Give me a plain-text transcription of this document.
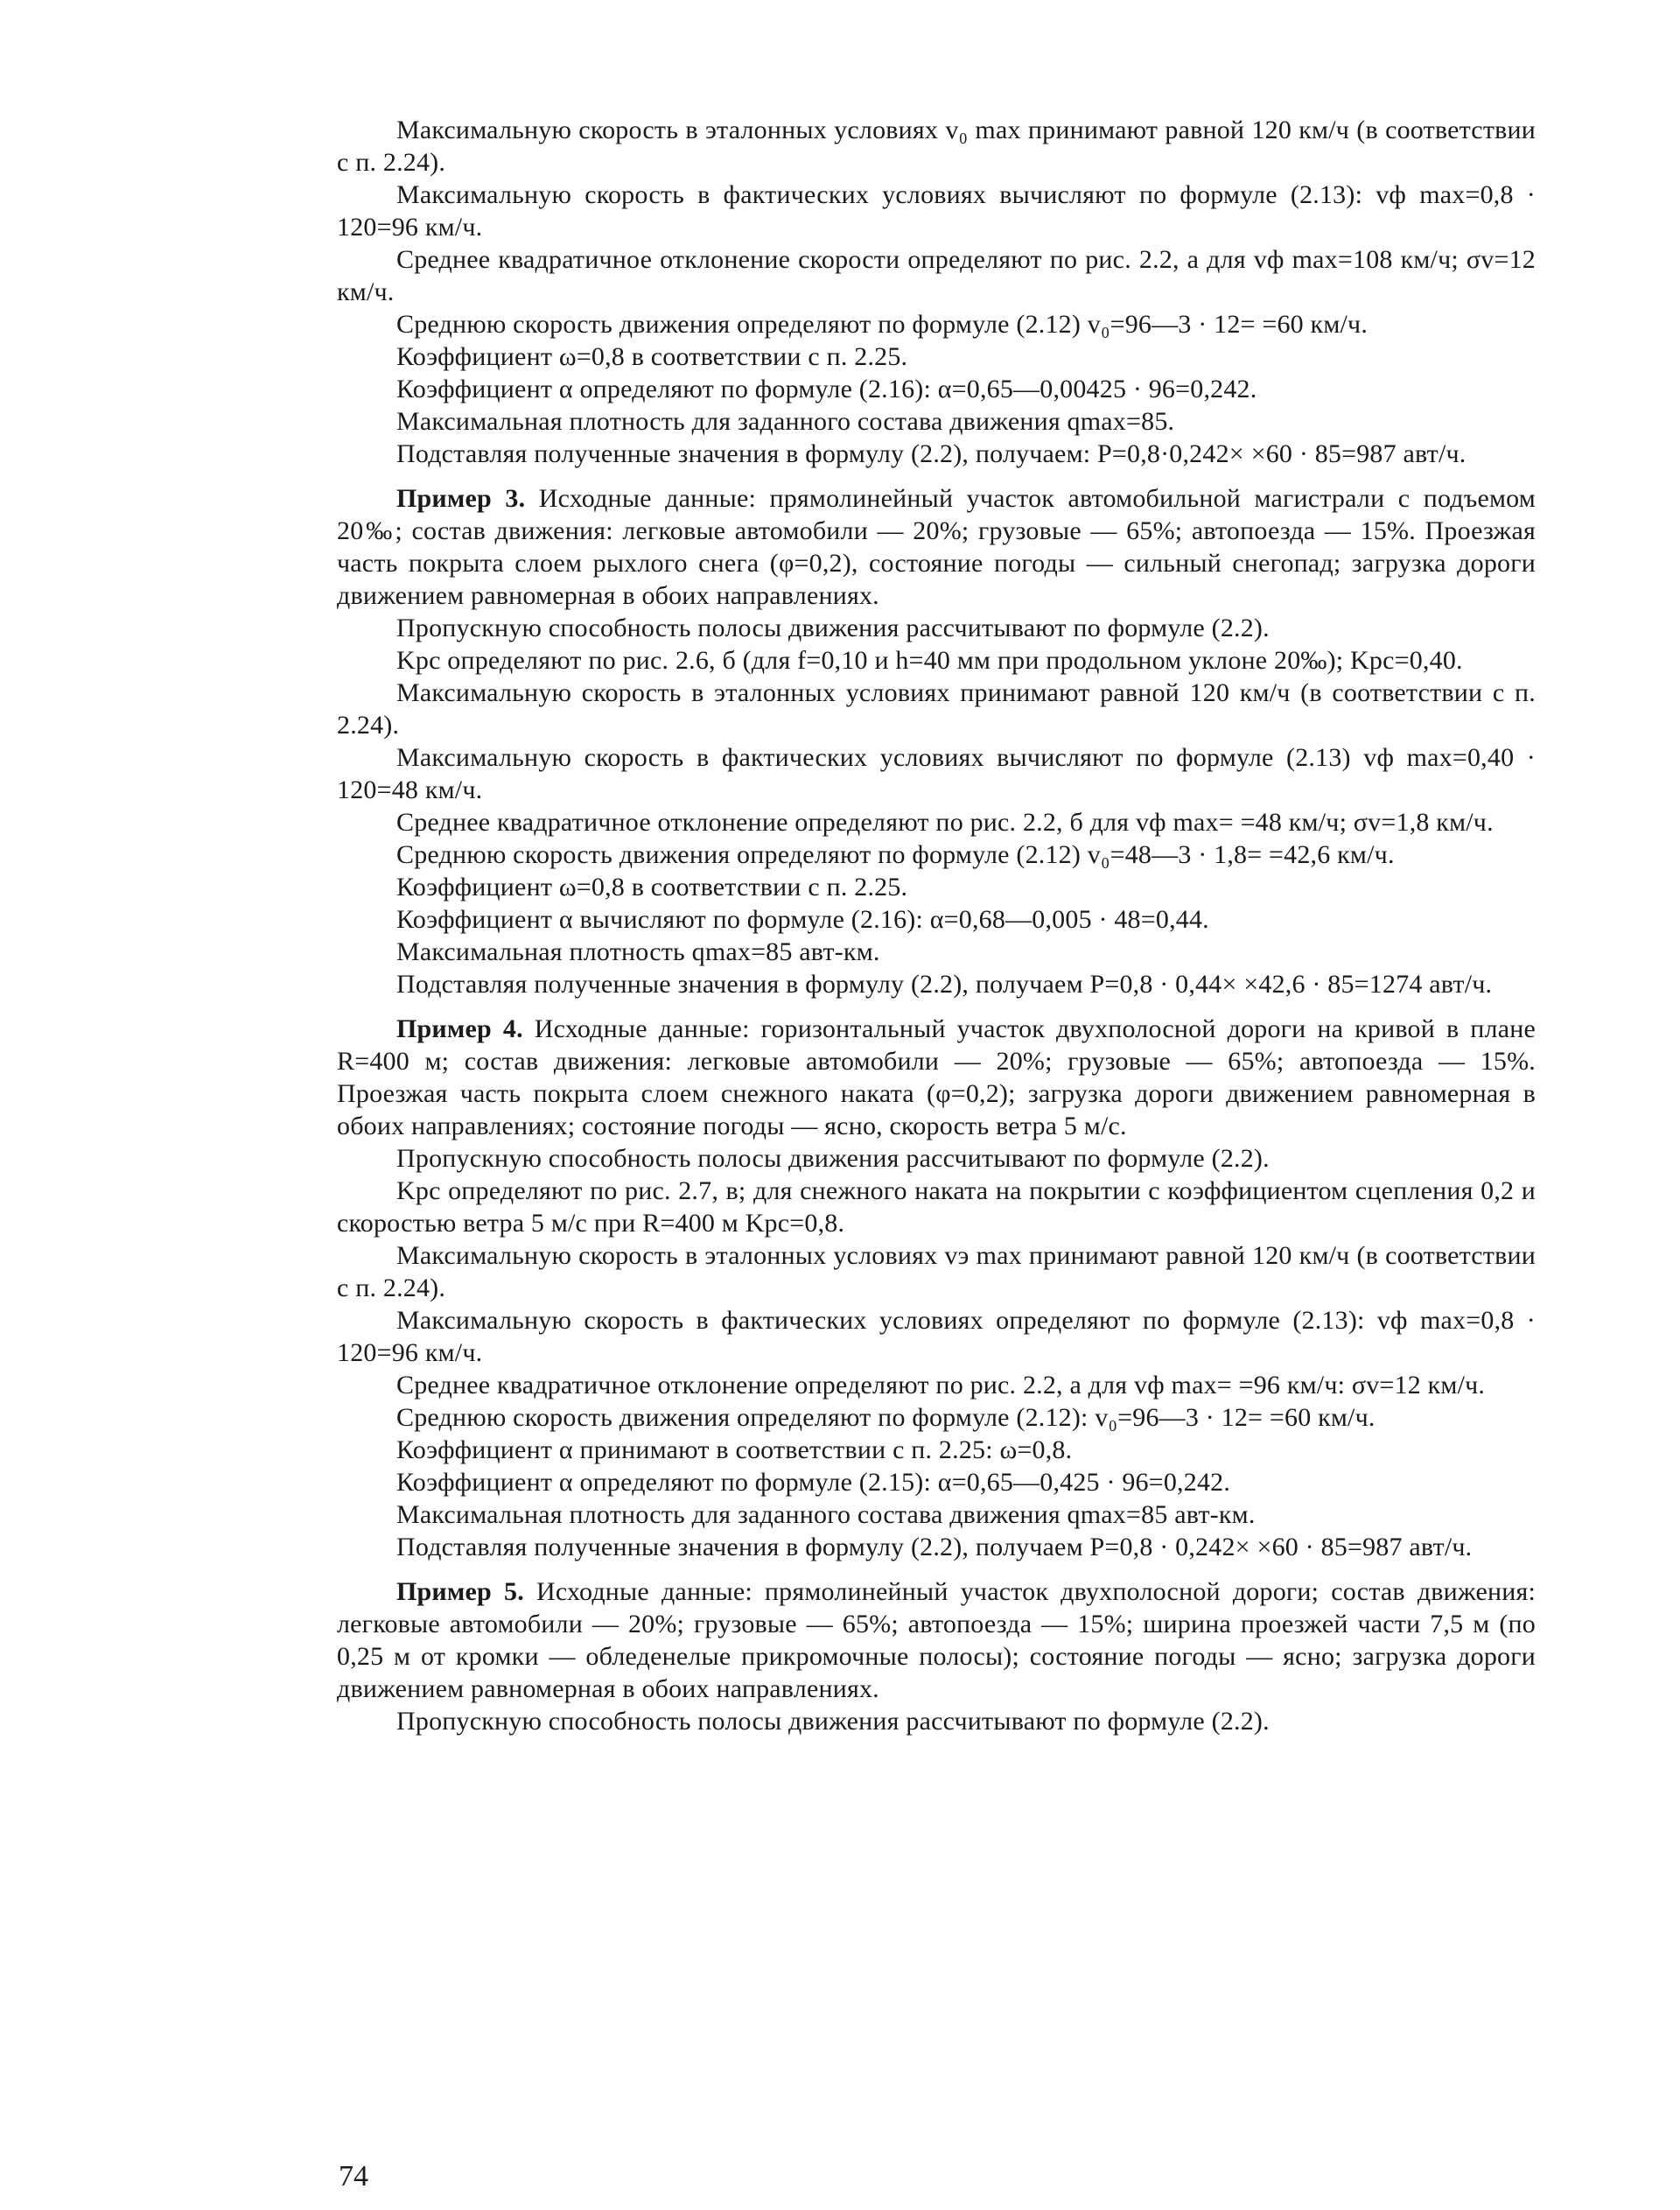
Максимальную скорость в эталонных условиях v₀ max принимают равной 120 км/ч (в соответствии с п. 2.24).

Максимальную скорость в фактических условиях вычисляют по формуле (2.13): vф max=0,8 · 120=96 км/ч.

Среднее квадратичное отклонение скорости определяют по рис. 2.2, а для vф max=108 км/ч; σv=12 км/ч.

Среднюю скорость движения определяют по формуле (2.12) v₀=96—3 · 12= =60 км/ч.

Коэффициент ω=0,8 в соответствии с п. 2.25.

Коэффициент α определяют по формуле (2.16): α=0,65—0,00425 · 96=0,242.

Максимальная плотность для заданного состава движения qmax=85.

Подставляя полученные значения в формулу (2.2), получаем: P=0,8·0,242× ×60 · 85=987 авт/ч.

Пример 3. Исходные данные: прямолинейный участок автомобильной магистрали с подъемом 20‰; состав движения: легковые автомобили — 20%; грузовые — 65%; автопоезда — 15%. Проезжая часть покрыта слоем рыхлого снега (φ=0,2), состояние погоды — сильный снегопад; загрузка дороги движением равномерная в обоих направлениях.

Пропускную способность полосы движения рассчитывают по формуле (2.2).

Kрс определяют по рис. 2.6, б (для f=0,10 и h=40 мм при продольном уклоне 20‰); Kрс=0,40.

Максимальную скорость в эталонных условиях принимают равной 120 км/ч (в соответствии с п. 2.24).

Максимальную скорость в фактических условиях вычисляют по формуле (2.13) vф max=0,40 · 120=48 км/ч.

Среднее квадратичное отклонение определяют по рис. 2.2, б для vф max= =48 км/ч; σv=1,8 км/ч.

Среднюю скорость движения определяют по формуле (2.12) v₀=48—3 · 1,8= =42,6 км/ч.

Коэффициент ω=0,8 в соответствии с п. 2.25.

Коэффициент α вычисляют по формуле (2.16): α=0,68—0,005 · 48=0,44.

Максимальная плотность qmax=85 авт-км.

Подставляя полученные значения в формулу (2.2), получаем P=0,8 · 0,44× ×42,6 · 85=1274 авт/ч.

Пример 4. Исходные данные: горизонтальный участок двухполосной дороги на кривой в плане R=400 м; состав движения: легковые автомобили — 20%; грузовые — 65%; автопоезда — 15%. Проезжая часть покрыта слоем снежного наката (φ=0,2); загрузка дороги движением равномерная в обоих направлениях; состояние погоды — ясно, скорость ветра 5 м/с.

Пропускную способность полосы движения рассчитывают по формуле (2.2).

Kрс определяют по рис. 2.7, в; для снежного наката на покрытии с коэффициентом сцепления 0,2 и скоростью ветра 5 м/с при R=400 м Kрс=0,8.

Максимальную скорость в эталонных условиях vэ max принимают равной 120 км/ч (в соответствии с п. 2.24).

Максимальную скорость в фактических условиях определяют по формуле (2.13): vф max=0,8 · 120=96 км/ч.

Среднее квадратичное отклонение определяют по рис. 2.2, а для vф max= =96 км/ч: σv=12 км/ч.

Среднюю скорость движения определяют по формуле (2.12): v₀=96—3 · 12= =60 км/ч.

Коэффициент α принимают в соответствии с п. 2.25: ω=0,8.

Коэффициент α определяют по формуле (2.15): α=0,65—0,425 · 96=0,242.

Максимальная плотность для заданного состава движения qmax=85 авт-км.

Подставляя полученные значения в формулу (2.2), получаем P=0,8 · 0,242× ×60 · 85=987 авт/ч.

Пример 5. Исходные данные: прямолинейный участок двухполосной дороги; состав движения: легковые автомобили — 20%; грузовые — 65%; автопоезда — 15%; ширина проезжей части 7,5 м (по 0,25 м от кромки — обледенелые прикромочные полосы); состояние погоды — ясно; загрузка дороги движением равномерная в обоих направлениях.

Пропускную способность полосы движения рассчитывают по формуле (2.2).

74
